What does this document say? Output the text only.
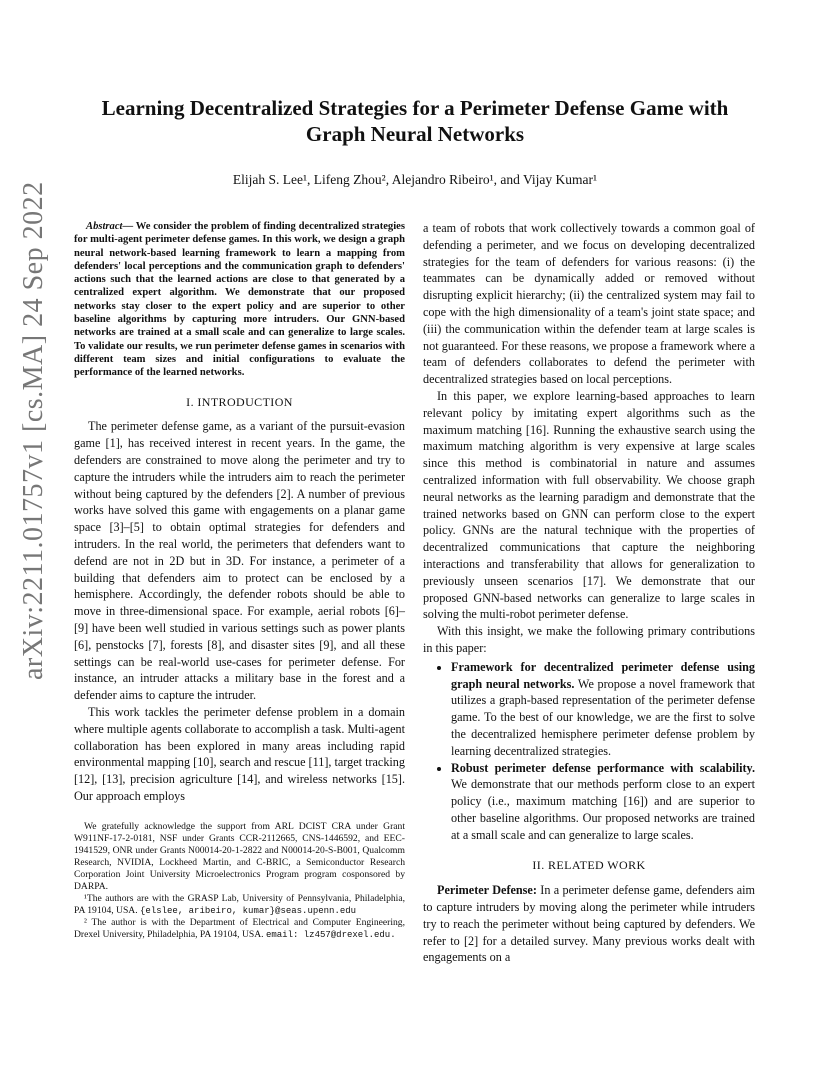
Learning Decentralized Strategies for a Perimeter Defense Game with Graph Neural Networks
Elijah S. Lee¹, Lifeng Zhou², Alejandro Ribeiro¹, and Vijay Kumar¹
arXiv:2211.01757v1 [cs.MA] 24 Sep 2022	Abstract— We consider the problem of finding decentralized strategies for multi-agent perimeter defense games. In this work, we design a graph neural network-based learning framework to learn a mapping from defenders' local perceptions and the communication graph to defenders' actions such that the learned actions are close to that generated by a centralized expert algorithm. We demonstrate that our proposed networks stay closer to the expert policy and are superior to other baseline algorithms by capturing more intruders. Our GNN-based networks are trained at a small scale and can generalize to large scales. To validate our results, we run perimeter defense games in scenarios with different team sizes and initial configurations to evaluate the performance of the learned networks.

I. INTRODUCTION

The perimeter defense game, as a variant of the pursuit-evasion game [1], has received interest in recent years. In the game, the defenders are constrained to move along the perimeter and try to capture the intruders while the intruders aim to reach the perimeter without being captured by the defenders [2]. A number of previous works have solved this game with engagements on a planar game space [3]–[5] to obtain optimal strategies for defenders and intruders. In the real world, the perimeters that defenders want to defend are not in 2D but in 3D. For instance, a perimeter of a building that defenders aim to protect can be enclosed by a hemisphere. Accordingly, the defender robots should be able to move in three-dimensional space. For example, aerial robots [6]–[9] have been well studied in various settings such as power plants [6], penstocks [7], forests [8], and disaster sites [9], and all these settings can be real-world use-cases for perimeter defense. For instance, an intruder attacks a military base in the forest and a defender aims to capture the intruder.

This work tackles the perimeter defense problem in a domain where multiple agents collaborate to accomplish a task. Multi-agent collaboration has been explored in many areas including rapid environmental mapping [10], search and rescue [11], target tracking [12], [13], precision agriculture [14], and wireless networks [15]. Our approach employs

We gratefully acknowledge the support from ARL DCIST CRA under Grant W911NF-17-2-0181, NSF under Grants CCR-2112665, CNS-1446592, and EEC-1941529, ONR under Grants N00014-20-1-2822 and N00014-20-S-B001, Qualcomm Research, NVIDIA, Lockheed Martin, and C-BRIC, a Semiconductor Research Corporation Joint University Microelectronics Program program cosponsored by DARPA.

¹The authors are with the GRASP Lab, University of Pennsylvania, Philadelphia, PA 19104, USA. {elslee, aribeiro, kumar}@seas.upenn.edu

² The author is with the Department of Electrical and Computer Engineering, Drexel University, Philadelphia, PA 19104, USA. email: lz457@drexel.edu.

a team of robots that work collectively towards a common goal of defending a perimeter, and we focus on developing decentralized strategies for the team of defenders for various reasons: (i) the teammates can be dynamically added or removed without disrupting explicit hierarchy; (ii) the centralized system may fail to cope with the high dimensionality of a team's joint state space; and (iii) the communication within the defender team at large scales is not guaranteed. For these reasons, we propose a framework where a team of defenders collaborates to defend the perimeter with decentralized strategies based on local perceptions.

In this paper, we explore learning-based approaches to learn relevant policy by imitating expert algorithms such as the maximum matching [16]. Running the exhaustive search using the maximum matching algorithm is very expensive at large scales since this method is combinatorial in nature and assumes centralized information with full observability. We choose graph neural networks as the learning paradigm and demonstrate that the trained networks based on GNN can perform close to the expert policy. GNNs are the natural technique with the properties of decentralized communications that capture the neighboring interactions and transferability that allows for generalization to previously unseen scenarios [17]. We demonstrate that our proposed GNN-based networks can generalize to large scales in solving the multi-robot perimeter defense.

With this insight, we make the following primary contributions in this paper:

• Framework for decentralized perimeter defense using graph neural networks. We propose a novel framework that utilizes a graph-based representation of the perimeter defense game. To the best of our knowledge, we are the first to solve the decentralized hemisphere perimeter defense problem by learning decentralized strategies.
• Robust perimeter defense performance with scalability. We demonstrate that our methods perform close to an expert policy (i.e., maximum matching [16]) and are superior to other baseline algorithms. Our proposed networks are trained at a small scale and can generalize to large scales.
II. RELATED WORK

Perimeter Defense: In a perimeter defense game, defenders aim to capture intruders by moving along the perimeter while intruders try to reach the perimeter without being captured by defenders. We refer to [2] for a detailed survey. Many previous works dealt with engagements on a
